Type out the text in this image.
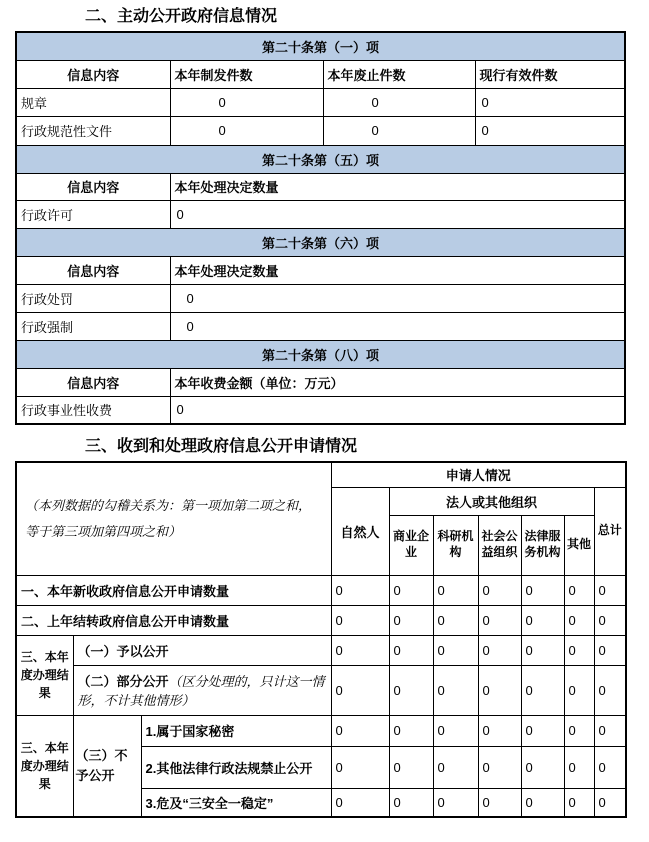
二、主动公开政府信息情况
第二十条第（一）项			
信息内容	本年制发件数	本年废止件数	现行有效件数
规章	0	0	0
行政规范性文件	0	0	0
第二十条第（五）项			
信息内容	本年处理决定数量		
行政许可	0		
第二十条第（六）项			
信息内容	本年处理决定数量		
行政处罚	0		
行政强制	0		
第二十条第（八）项			
信息内容	本年收费金额（单位：万元）		
行政事业性收费	0		
三、收到和处理政府信息公开申请情况
（本列数据的勾稽关系为：第一项加第二项之和，等于第三项加第四项之和）			申请人情况						
			自然人	法人或其他组织					总计
				商业企业	科研机构	社会公益组织	法律服务机构	其他	
一、本年新收政府信息公开申请数量			0	0	0	0	0	0	0
二、上年结转政府信息公开申请数量			0	0	0	0	0	0	0
三、本年度办理结果	（一）予以公开		0	0	0	0	0	0	0
	（二）部分公开（区分处理的，只计这一情形，不计其他情形）		0	0	0	0	0	0	0
三、本年度办理结果	（三）不予公开	1.属于国家秘密	0	0	0	0	0	0	0
		2.其他法律行政法规禁止公开	0	0	0	0	0	0	0
		3.危及“三安全一稳定”	0	0	0	0	0	0	0
